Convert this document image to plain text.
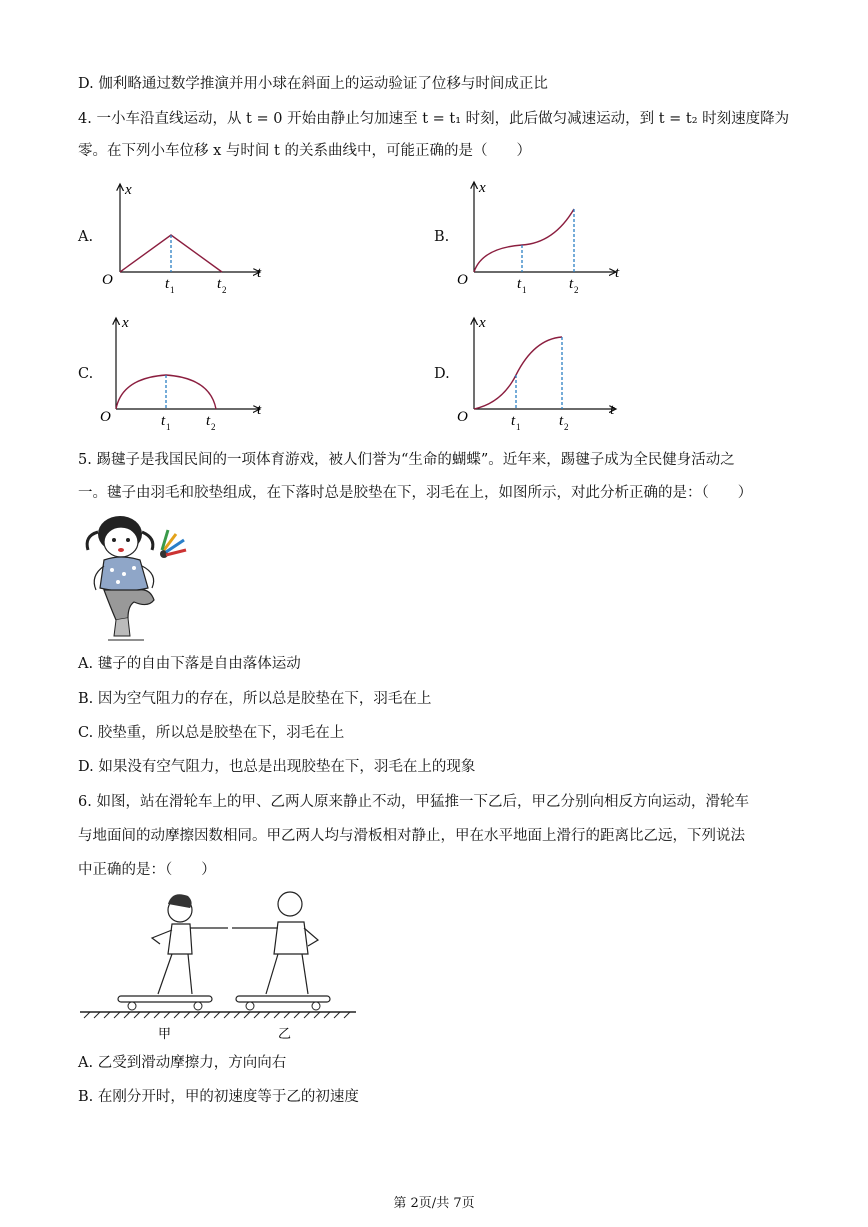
D. 伽利略通过数学推演并用小球在斜面上的运动验证了位移与时间成正比
4. 一小车沿直线运动，从 t = 0 开始由静止匀加速至 t = t₁ 时刻，此后做匀减速运动，到 t = t₂ 时刻速度降为
零。在下列小车位移 x 与时间 t 的关系曲线中，可能正确的是（　　）
A.
x
t
O	t 1	t 2
B.
x
t
O	t 1	t 2
C.
x
t
O	t 1 t 2
D.
x
t
O	t 1	t 2
5. 踢毽子是我国民间的一项体育游戏，被人们誉为“生命的蝴蝶”。近年来，踢毽子成为全民健身活动之
一。毽子由羽毛和胶垫组成，在下落时总是胶垫在下，羽毛在上，如图所示，对此分析正确的是：（　　）
A. 毽子的自由下落是自由落体运动
B. 因为空气阻力的存在，所以总是胶垫在下，羽毛在上
C. 胶垫重，所以总是胶垫在下，羽毛在上
D. 如果没有空气阻力，也总是出现胶垫在下，羽毛在上的现象
6. 如图，站在滑轮车上的甲、乙两人原来静止不动，甲猛推一下乙后，甲乙分别向相反方向运动，滑轮车
与地面间的动摩擦因数相同。甲乙两人均与滑板相对静止，甲在水平地面上滑行的距离比乙远，下列说法
中正确的是：（　　）
甲	乙
A. 乙受到滑动摩擦力，方向向右
B. 在刚分开时，甲的初速度等于乙的初速度
第 2页/共 7页
